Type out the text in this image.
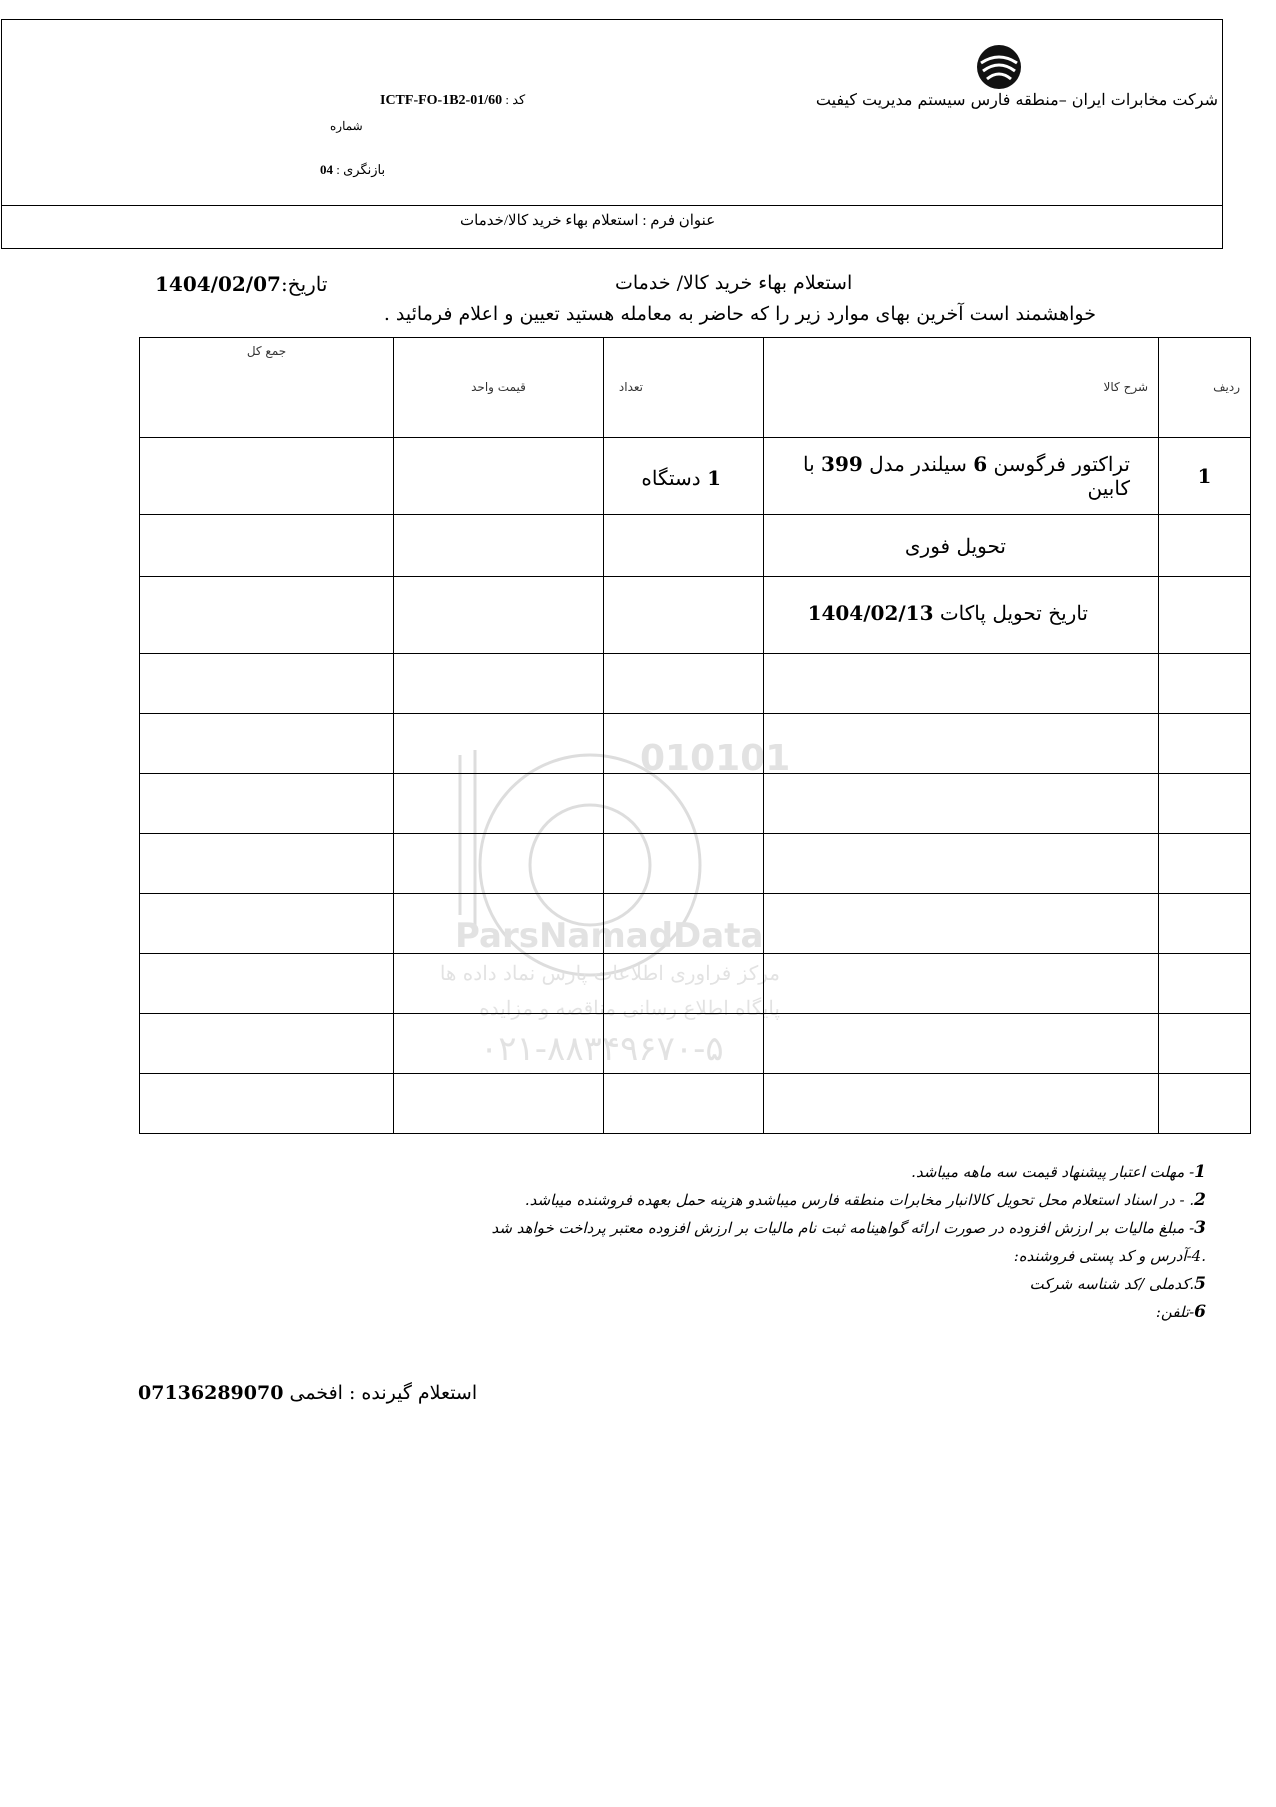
شرکت مخابرات ایران –منطقه فارس سیستم مدیریت کیفیت
کد : ICTF-FO-1B2-01/60
شماره
بازنگری : 04
عنوان فرم : استعلام بهاء خرید کالا/خدمات
استعلام بهاء خرید کالا/ خدمات
تاریخ:1404/02/07
خواهشمند است آخرین بهای موارد زیر را که حاضر به معامله هستید تعیین و اعلام فرمائید .
010101
ParsNamadData
مرکز فراوری اطلاعات پارس نماد داده ها
پایگاه اطلاع رسانی مناقصه و مزایده
۰۲۱-۸۸۳۴۹۶۷۰-۵
جمع کل	قیمت واحد	تعداد	شرح کالا	ردیف
		1 دستگاه	تراکتور فرگوسن 6 سیلندر مدل 399 با کابین	1
			تحویل فوری	
			تاریخ تحویل پاکات 1404/02/13	

1- مهلت اعتبار پیشنهاد قیمت سه ماهه میباشد.
2. - در اسناد استعلام محل تحویل کالاانبار مخابرات منطقه فارس میباشدو هزینه حمل بعهده فروشنده میباشد.
3- مبلغ مالیات بر ارزش افزوده در صورت ارائه گواهینامه ثبت نام مالیات بر ارزش افزوده معتبر پرداخت خواهد شد
.4-آدرس و کد پستی فروشنده:
5.کدملی /کد شناسه شرکت
6-تلفن:
استعلام گیرنده : افخمی 07136289070
